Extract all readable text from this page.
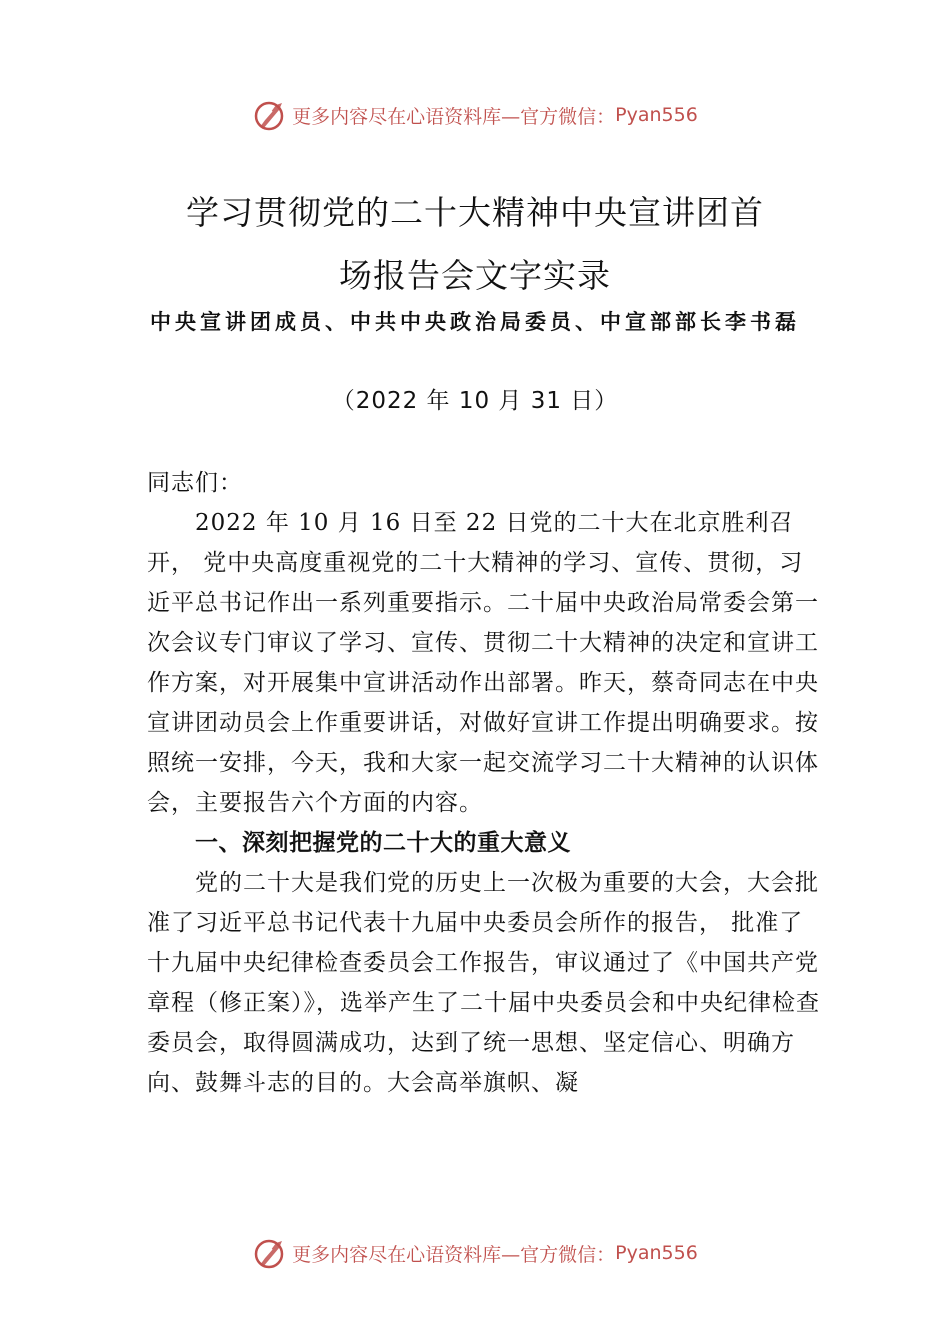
更多内容尽在心语资料库—官方微信： Pyan556
学习贯彻党的二十大精神中央宣讲团首
场报告会文字实录
中央宣讲团成员、中共中央政治局委员、中宣部部长李书磊
（2022 年 10 月 31 日）

同志们：

2022 年 10 月 16 日至 22 日党的二十大在北京胜利召开， 党中央高度重视党的二十大精神的学习、宣传、贯彻，习近平总书记作出一系列重要指示。二十届中央政治局常委会第一次会议专门审议了学习、宣传、贯彻二十大精神的决定和宣讲工作方案，对开展集中宣讲活动作出部署。昨天，蔡奇同志在中央宣讲团动员会上作重要讲话，对做好宣讲工作提出明确要求。按照统一安排，今天，我和大家一起交流学习二十大精神的认识体会，主要报告六个方面的内容。

一、深刻把握党的二十大的重大意义

党的二十大是我们党的历史上一次极为重要的大会，大会批准了习近平总书记代表十九届中央委员会所作的报告， 批准了十九届中央纪律检查委员会工作报告，审议通过了《中国共产党章程（修正案）》，选举产生了二十届中央委员会和中央纪律检查委员会，取得圆满成功，达到了统一思想、坚定信心、明确方向、鼓舞斗志的目的。大会高举旗帜、凝

更多内容尽在心语资料库—官方微信： Pyan556
